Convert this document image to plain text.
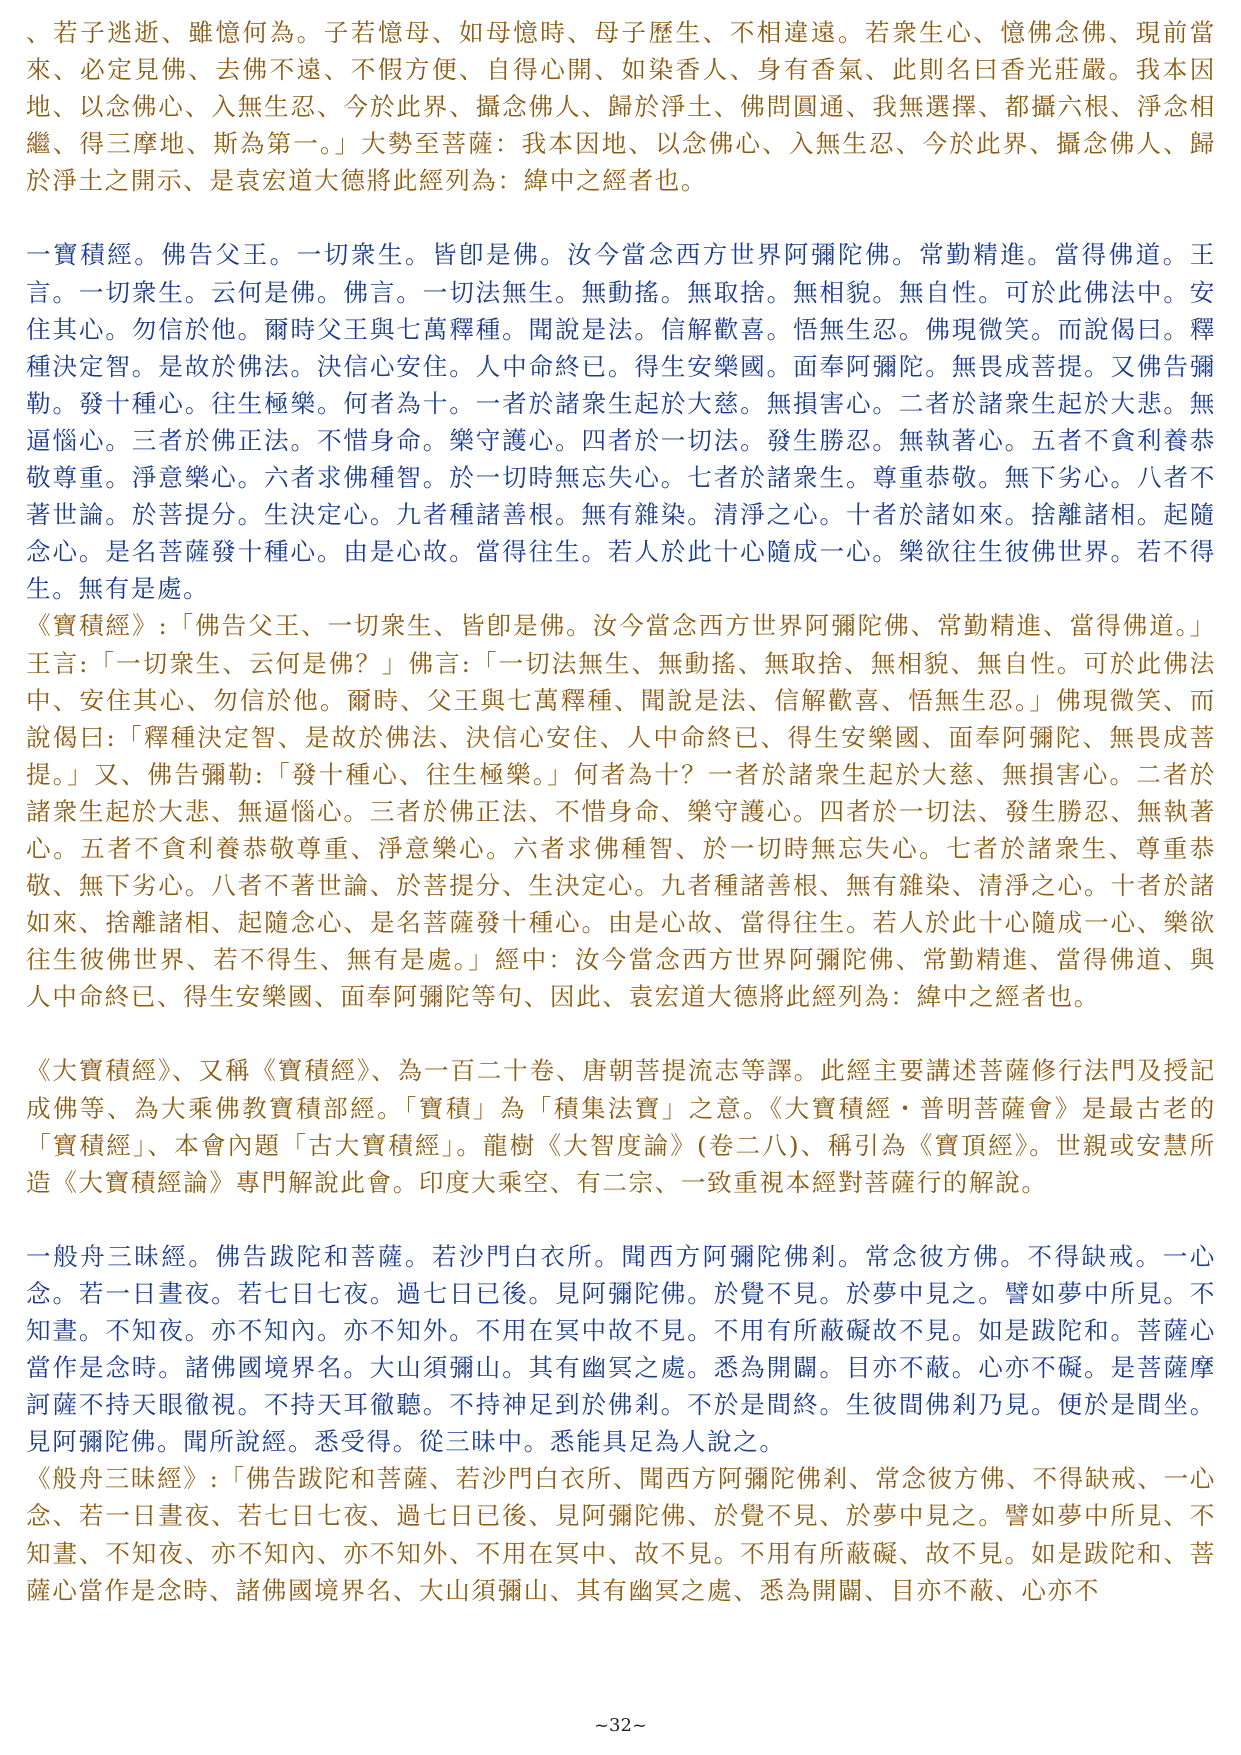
、若子逃逝、雖憶何為。子若憶母、如母憶時、母子歷生、不相違遠。若衆生心、憶佛念佛、現前當來、必定見佛、去佛不遠、不假方便、自得心開、如染香人、身有香氣、此則名曰香光莊嚴。我本因地、以念佛心、入無生忍、今於此界、攝念佛人、歸於淨土、佛問圓通、我無選擇、都攝六根、淨念相繼、得三摩地、斯為第一。」大勢至菩薩：我本因地、以念佛心、入無生忍、今於此界、攝念佛人、歸於淨土之開示、是袁宏道大德將此經列為：緯中之經者也。

一寶積經。佛告父王。一切衆生。皆卽是佛。汝今當念西方世界阿彌陀佛。常勤精進。當得佛道。王言。一切衆生。云何是佛。佛言。一切法無生。無動搖。無取捨。無相貌。無自性。可於此佛法中。安住其心。勿信於他。爾時父王與七萬釋種。聞說是法。信解歡喜。悟無生忍。佛現微笑。而說偈曰。釋種決定智。是故於佛法。決信心安住。人中命終已。得生安樂國。面奉阿彌陀。無畏成菩提。又佛告彌勒。發十種心。往生極樂。何者為十。一者於諸衆生起於大慈。無損害心。二者於諸衆生起於大悲。無逼惱心。三者於佛正法。不惜身命。樂守護心。四者於一切法。發生勝忍。無執著心。五者不貪利養恭敬尊重。淨意樂心。六者求佛種智。於一切時無忘失心。七者於諸衆生。尊重恭敬。無下劣心。八者不著世論。於菩提分。生決定心。九者種諸善根。無有雜染。清淨之心。十者於諸如來。捨離諸相。起隨念心。是名菩薩發十種心。由是心故。當得往生。若人於此十心隨成一心。樂欲往生彼佛世界。若不得生。無有是處。

《寶積經》:「佛告父王、一切衆生、皆卽是佛。汝今當念西方世界阿彌陀佛、常勤精進、當得佛道。」王言:「一切衆生、云何是佛？」佛言:「一切法無生、無動搖、無取捨、無相貌、無自性。可於此佛法中、安住其心、勿信於他。爾時、父王與七萬釋種、聞說是法、信解歡喜、悟無生忍。」佛現微笑、而說偈曰:「釋種決定智、是故於佛法、決信心安住、人中命終已、得生安樂國、面奉阿彌陀、無畏成菩提。」又、佛告彌勒:「發十種心、往生極樂。」何者為十？一者於諸衆生起於大慈、無損害心。二者於諸衆生起於大悲、無逼惱心。三者於佛正法、不惜身命、樂守護心。四者於一切法、發生勝忍、無執著心。五者不貪利養恭敬尊重、淨意樂心。六者求佛種智、於一切時無忘失心。七者於諸衆生、尊重恭敬、無下劣心。八者不著世論、於菩提分、生決定心。九者種諸善根、無有雜染、清淨之心。十者於諸如來、捨離諸相、起隨念心、是名菩薩發十種心。由是心故、當得往生。若人於此十心隨成一心、樂欲往生彼佛世界、若不得生、無有是處。」經中：汝今當念西方世界阿彌陀佛、常勤精進、當得佛道、與人中命終已、得生安樂國、面奉阿彌陀等句、因此、袁宏道大德將此經列為：緯中之經者也。

《大寶積經》、又稱《寶積經》、為一百二十卷、唐朝菩提流志等譯。此經主要講述菩薩修行法門及授記成佛等、為大乘佛教寶積部經。「寶積」為「積集法寶」之意。《大寶積經・普明菩薩會》是最古老的「寶積經」、本會內題「古大寶積經」。龍樹《大智度論》(卷二八)、稱引為《寶頂經》。世親或安慧所造《大寶積經論》專門解說此會。印度大乘空、有二宗、一致重視本經對菩薩行的解說。

一般舟三昧經。佛告跋陀和菩薩。若沙門白衣所。聞西方阿彌陀佛剎。常念彼方佛。不得缺戒。一心念。若一日晝夜。若七日七夜。過七日已後。見阿彌陀佛。於覺不見。於夢中見之。譬如夢中所見。不知晝。不知夜。亦不知內。亦不知外。不用在冥中故不見。不用有所蔽礙故不見。如是跋陀和。菩薩心當作是念時。諸佛國境界名。大山須彌山。其有幽冥之處。悉為開闢。目亦不蔽。心亦不礙。是菩薩摩訶薩不持天眼徹視。不持天耳徹聽。不持神足到於佛剎。不於是間終。生彼間佛剎乃見。便於是間坐。見阿彌陀佛。聞所說經。悉受得。從三昧中。悉能具足為人說之。

《般舟三昧經》:「佛告跋陀和菩薩、若沙門白衣所、聞西方阿彌陀佛剎、常念彼方佛、不得缺戒、一心念、若一日晝夜、若七日七夜、過七日已後、見阿彌陀佛、於覺不見、於夢中見之。譬如夢中所見、不知晝、不知夜、亦不知內、亦不知外、不用在冥中、故不見。不用有所蔽礙、故不見。如是跋陀和、菩薩心當作是念時、諸佛國境界名、大山須彌山、其有幽冥之處、悉為開闢、目亦不蔽、心亦不

~32~
